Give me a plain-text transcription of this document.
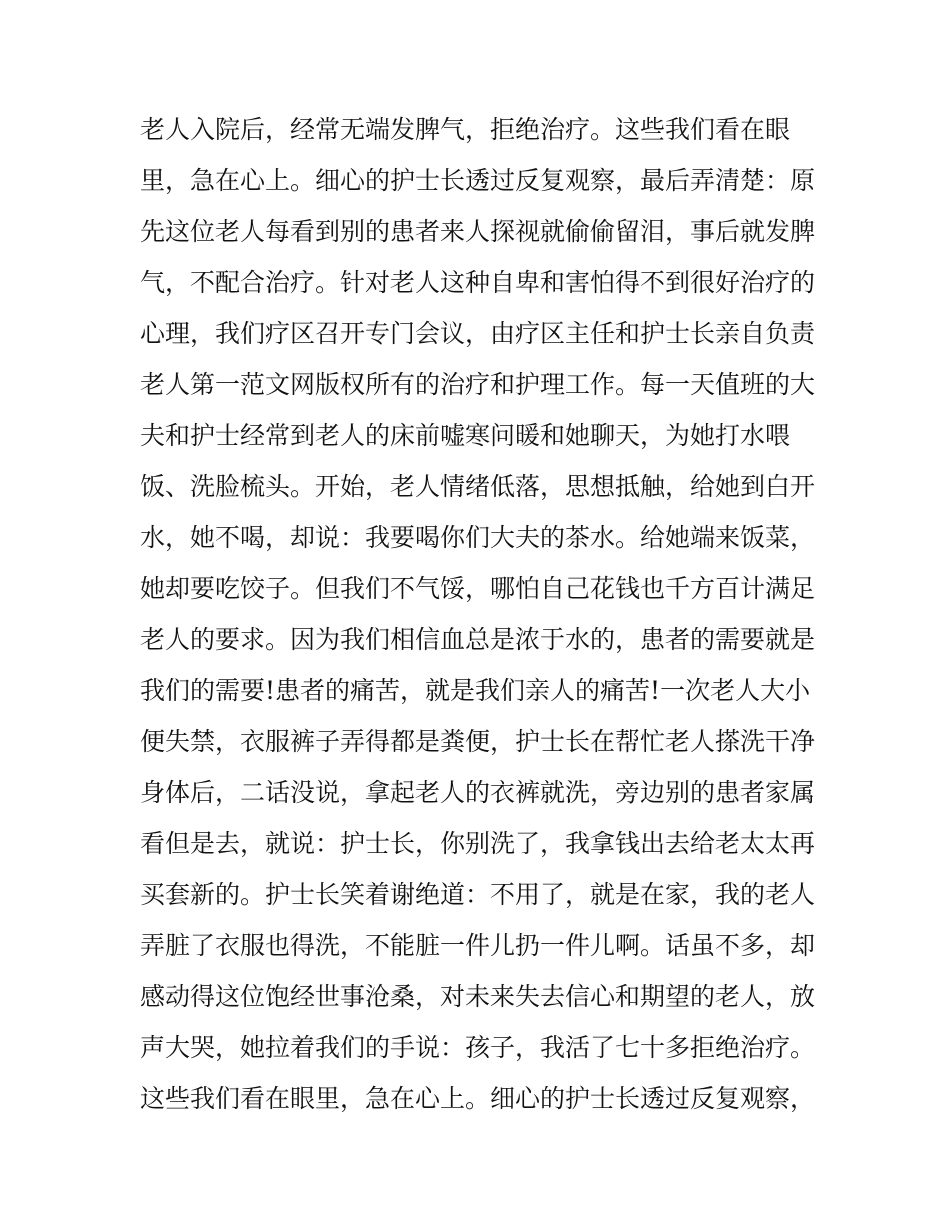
老人入院后，经常无端发脾气，拒绝治疗。这些我们看在眼
里，急在心上。细心的护士长透过反复观察，最后弄清楚：原
先这位老人每看到别的患者来人探视就偷偷留泪，事后就发脾
气，不配合治疗。针对老人这种自卑和害怕得不到很好治疗的
心理，我们疗区召开专门会议，由疗区主任和护士长亲自负责
老人第一范文网版权所有的治疗和护理工作。每一天值班的大
夫和护士经常到老人的床前嘘寒问暖和她聊天，为她打水喂
饭、洗脸梳头。开始，老人情绪低落，思想抵触，给她到白开
水，她不喝，却说：我要喝你们大夫的茶水。给她端来饭菜，
她却要吃饺子。但我们不气馁，哪怕自己花钱也千方百计满足
老人的要求。因为我们相信血总是浓于水的，患者的需要就是
我们的需要!患者的痛苦，就是我们亲人的痛苦!一次老人大小
便失禁，衣服裤子弄得都是粪便，护士长在帮忙老人搽洗干净
身体后，二话没说，拿起老人的衣裤就洗，旁边别的患者家属
看但是去，就说：护士长，你别洗了，我拿钱出去给老太太再
买套新的。护士长笑着谢绝道：不用了，就是在家，我的老人
弄脏了衣服也得洗，不能脏一件儿扔一件儿啊。话虽不多，却
感动得这位饱经世事沧桑，对未来失去信心和期望的老人，放
声大哭，她拉着我们的手说：孩子，我活了七十多拒绝治疗。
这些我们看在眼里，急在心上。细心的护士长透过反复观察，
